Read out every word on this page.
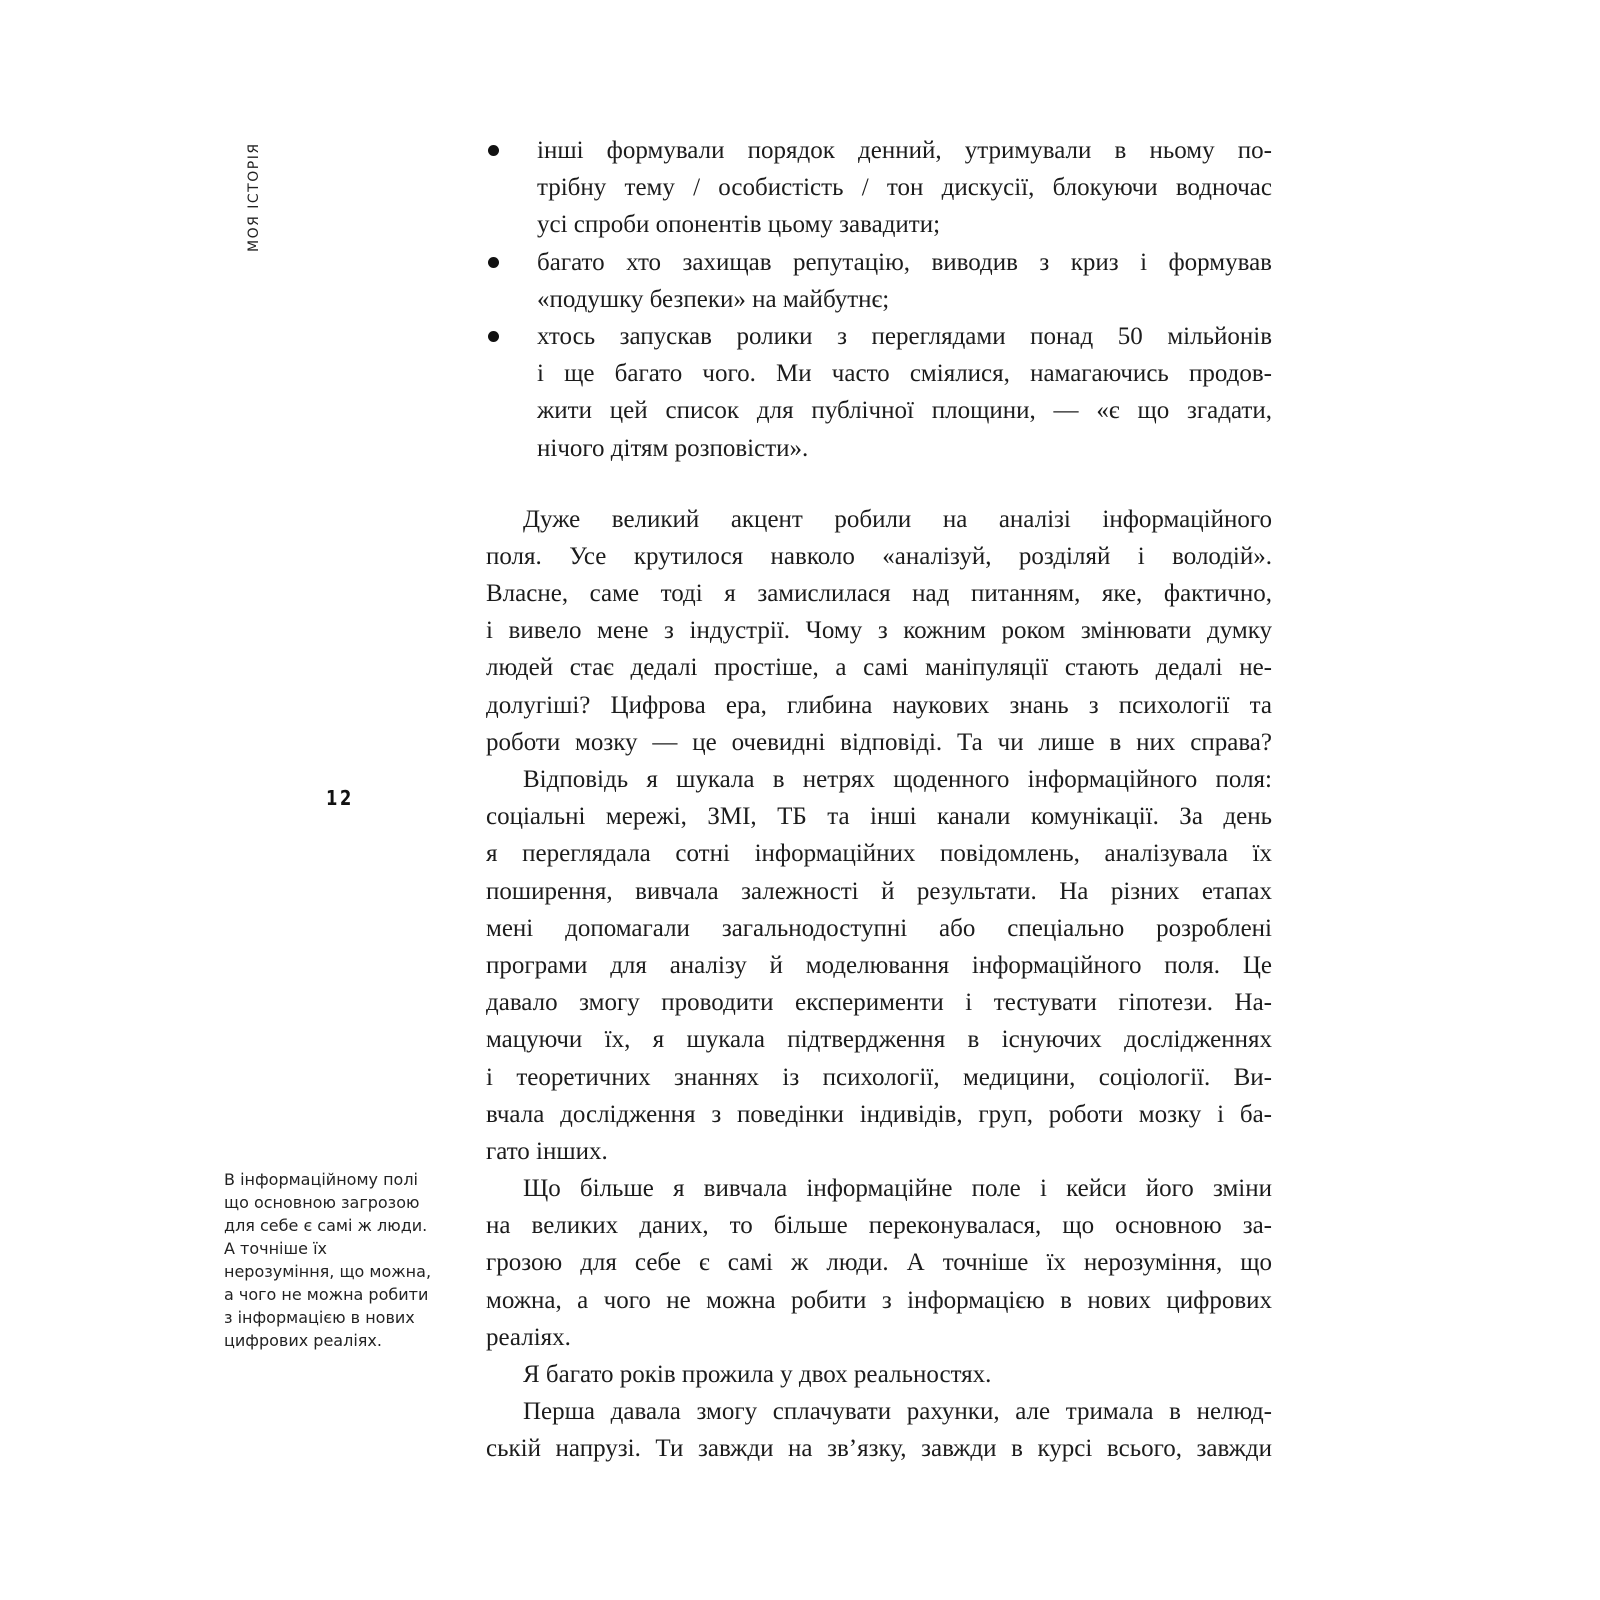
МОЯ ІСТОРІЯ
12
В інформаційному полі
що основною загрозою
для себе є самі ж люди.
А точніше їх
нерозуміння, що можна,
а чого не можна робити
з інформацією в нових
цифрових реаліях.
інші формували порядок денний, утримували в ньому по-
трібну тему / особистість / тон дискусії, блокуючи водночас
усі спроби опонентів цьому завадити;
багато хто захищав репутацію, виводив з криз і формував
«подушку безпеки» на майбутнє;
хтось запускав ролики з переглядами понад 50 мільйонів
і ще багато чого. Ми часто сміялися, намагаючись продов-
жити цей список для публічної площини, — «є що згадати,
нічого дітям розповісти».
Дуже великий акцент робили на аналізі інформаційного
поля. Усе крутилося навколо «аналізуй, розділяй і володій».
Власне, саме тоді я замислилася над питанням, яке, фактично,
і вивело мене з індустрії. Чому з кожним роком змінювати думку
людей стає дедалі простіше, а самі маніпуляції стають дедалі не-
долугіші? Цифрова ера, глибина наукових знань з психології та
роботи мозку — це очевидні відповіді. Та чи лише в них справа?
Відповідь я шукала в нетрях щоденного інформаційного поля:
соціальні мережі, ЗМІ, ТБ та інші канали комунікації. За день
я переглядала сотні інформаційних повідомлень, аналізувала їх
поширення, вивчала залежності й результати. На різних етапах
мені допомагали загальнодоступні або спеціально розроблені
програми для аналізу й моделювання інформаційного поля. Це
давало змогу проводити експерименти і тестувати гіпотези. На-
мацуючи їх, я шукала підтвердження в існуючих дослідженнях
і теоретичних знаннях із психології, медицини, соціології. Ви-
вчала дослідження з поведінки індивідів, груп, роботи мозку і ба-
гато інших.
Що більше я вивчала інформаційне поле і кейси його зміни
на великих даних, то більше переконувалася, що основною за-
грозою для себе є самі ж люди. А точніше їх нерозуміння, що
можна, а чого не можна робити з інформацією в нових цифрових
реаліях.
Я багато років прожила у двох реальностях.
Перша давала змогу сплачувати рахунки, але тримала в нелюд-
ській напрузі. Ти завжди на зв’язку, завжди в курсі всього, завжди
